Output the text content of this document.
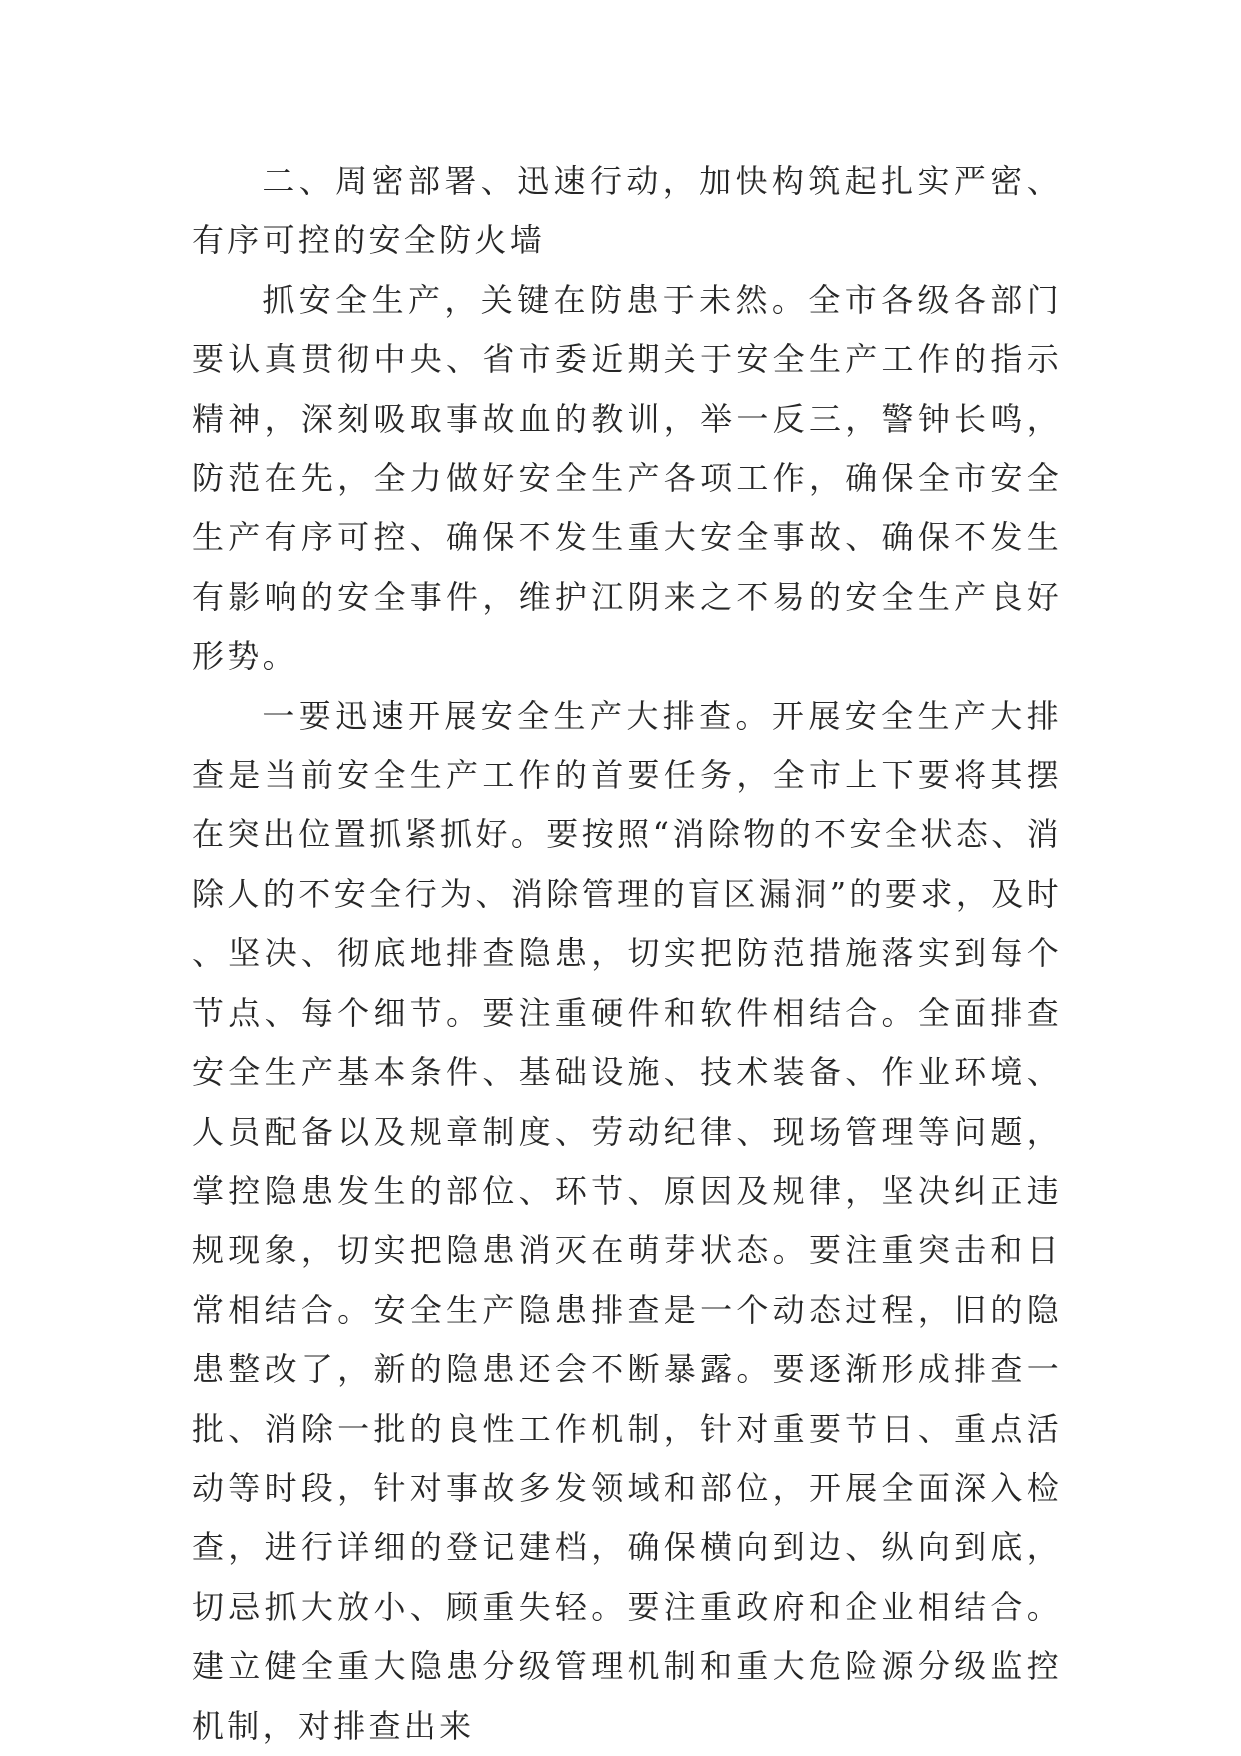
二、周密部署、迅速行动，加快构筑起扎实严密、有序可控的安全防火墙

抓安全生产，关键在防患于未然。全市各级各部门要认真贯彻中央、省市委近期关于安全生产工作的指示精神，深刻吸取事故血的教训，举一反三，警钟长鸣，防范在先，全力做好安全生产各项工作，确保全市安全生产有序可控、确保不发生重大安全事故、确保不发生有影响的安全事件，维护江阴来之不易的安全生产良好形势。

一要迅速开展安全生产大排查。开展安全生产大排查是当前安全生产工作的首要任务，全市上下要将其摆在突出位置抓紧抓好。要按照“消除物的不安全状态、消除人的不安全行为、消除管理的盲区漏洞”的要求，及时、坚决、彻底地排查隐患，切实把防范措施落实到每个节点、每个细节。要注重硬件和软件相结合。全面排查安全生产基本条件、基础设施、技术装备、作业环境、人员配备以及规章制度、劳动纪律、现场管理等问题，掌控隐患发生的部位、环节、原因及规律，坚决纠正违规现象，切实把隐患消灭在萌芽状态。要注重突击和日常相结合。安全生产隐患排查是一个动态过程，旧的隐患整改了，新的隐患还会不断暴露。要逐渐形成排查一批、消除一批的良性工作机制，针对重要节日、重点活动等时段，针对事故多发领域和部位，开展全面深入检查，进行详细的登记建档，确保横向到边、纵向到底，切忌抓大放小、顾重失轻。要注重政府和企业相结合。建立健全重大隐患分级管理机制和重大危险源分级监控机制，对排查出来
